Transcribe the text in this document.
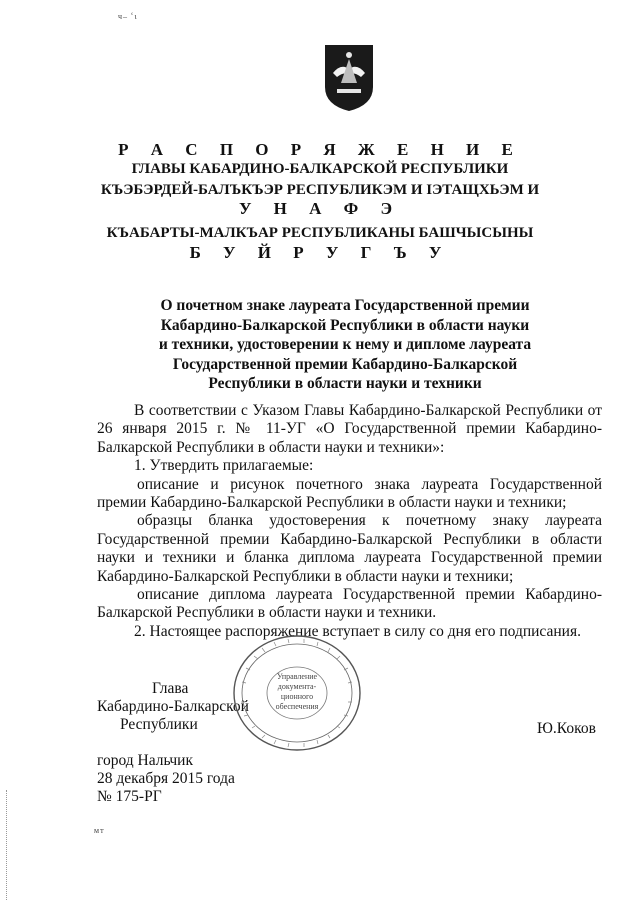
ч– ՙɩ
мт
Р А С П О Р Я Ж Е Н И Е
ГЛАВЫ КАБАРДИНО-БАЛКАРСКОЙ РЕСПУБЛИКИ
КЪЭБЭРДЕЙ-БАЛЪКЪЭР РЕСПУБЛИКЭМ И ІЭТАЩХЬЭМ И
У Н А Ф Э
КЪАБАРТЫ-МАЛКЪАР РЕСПУБЛИКАНЫ БАШЧЫСЫНЫ
Б У Й Р У Г Ъ У
О почетном знаке лауреата Государственной премии
Кабардино-Балкарской Республики в области науки
и техники, удостоверении к нему и дипломе лауреата
Государственной премии Кабардино-Балкарской
Республики в области науки и техники

В соответствии с Указом Главы Кабардино-Балкарской Республики от 26 января 2015 г. № 11-УГ «О Государственной премии Кабардино-Балкарской Республики в области науки и техники»:

1. Утвердить прилагаемые:

описание и рисунок почетного знака лауреата Государственной премии Кабардино-Балкарской Республики в области науки и техники;

образцы бланка удостоверения к почетному знаку лауреата Государственной премии Кабардино-Балкарской Республики в области науки и техники и бланка диплома лауреата Государственной премии Кабардино-Балкарской Республики в области науки и техники;

описание диплома лауреата Государственной премии Кабардино-Балкарской Республики в области науки и техники.

2. Настоящее распоряжение вступает в силу со дня его подписания.

Глава
Кабардино-Балкарской
Республики	Ю.Коков
Управление
документа-
ционного
обеспечения
город Нальчик
28 декабря 2015 года
№ 175-РГ
